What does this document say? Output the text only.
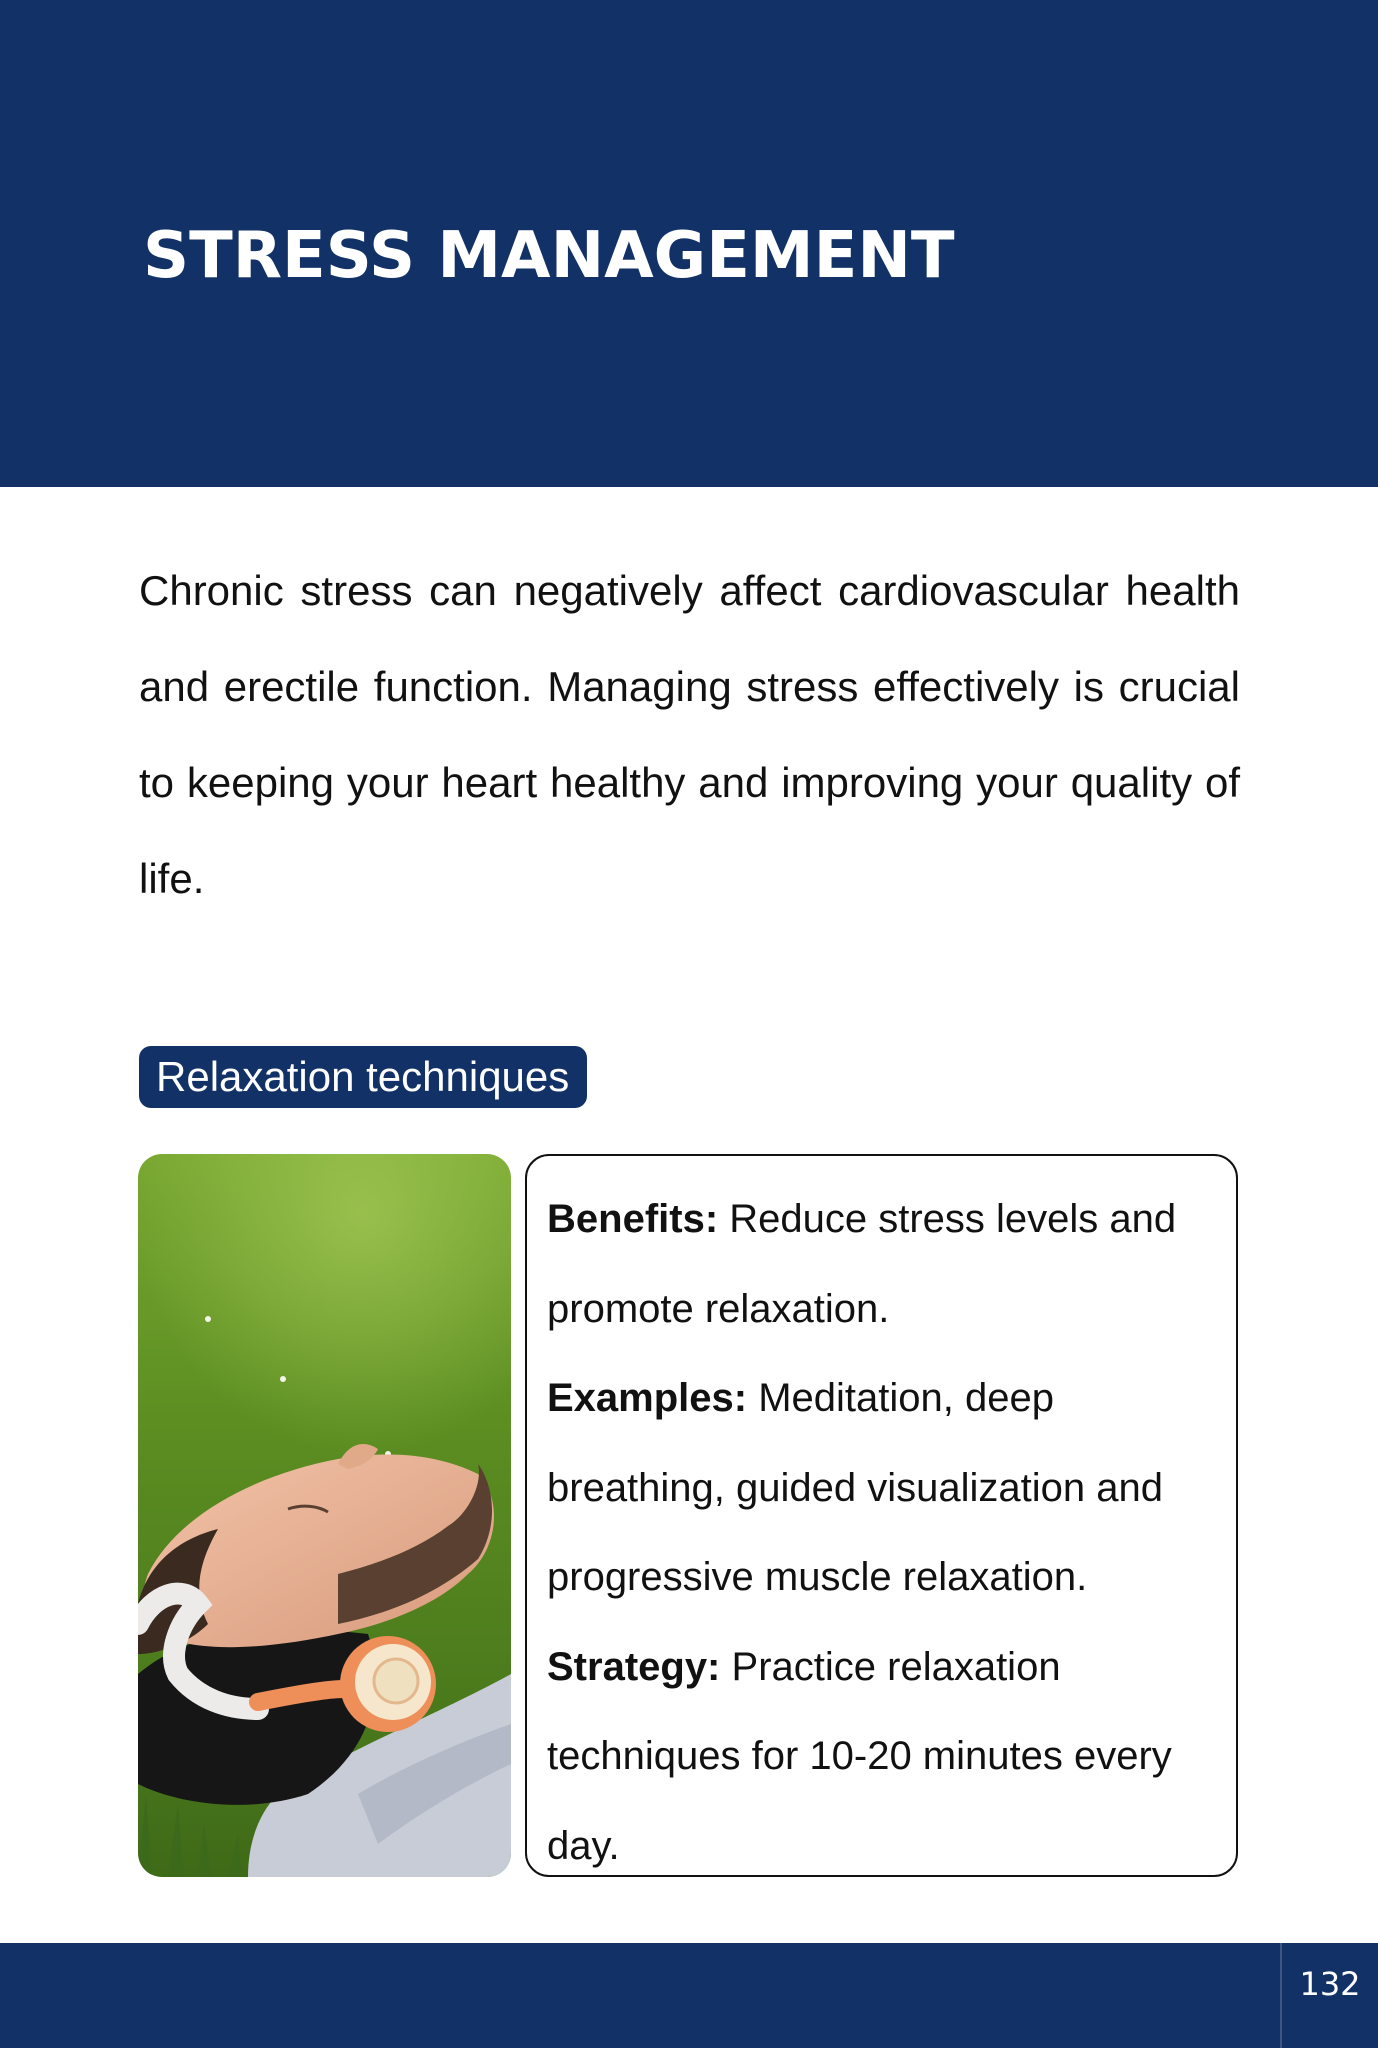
STRESS MANAGEMENT

Chronic stress can negatively affect cardiovascular health and erectile function. Managing stress effectively is crucial to keeping your heart healthy and improving your quality of life.

Relaxation techniques

Benefits: Reduce stress levels and promote relaxation.

Examples: Meditation, deep breathing, guided visualization and progressive muscle relaxation.

Strategy: Practice relaxation techniques for 10-20 minutes every day.

132
